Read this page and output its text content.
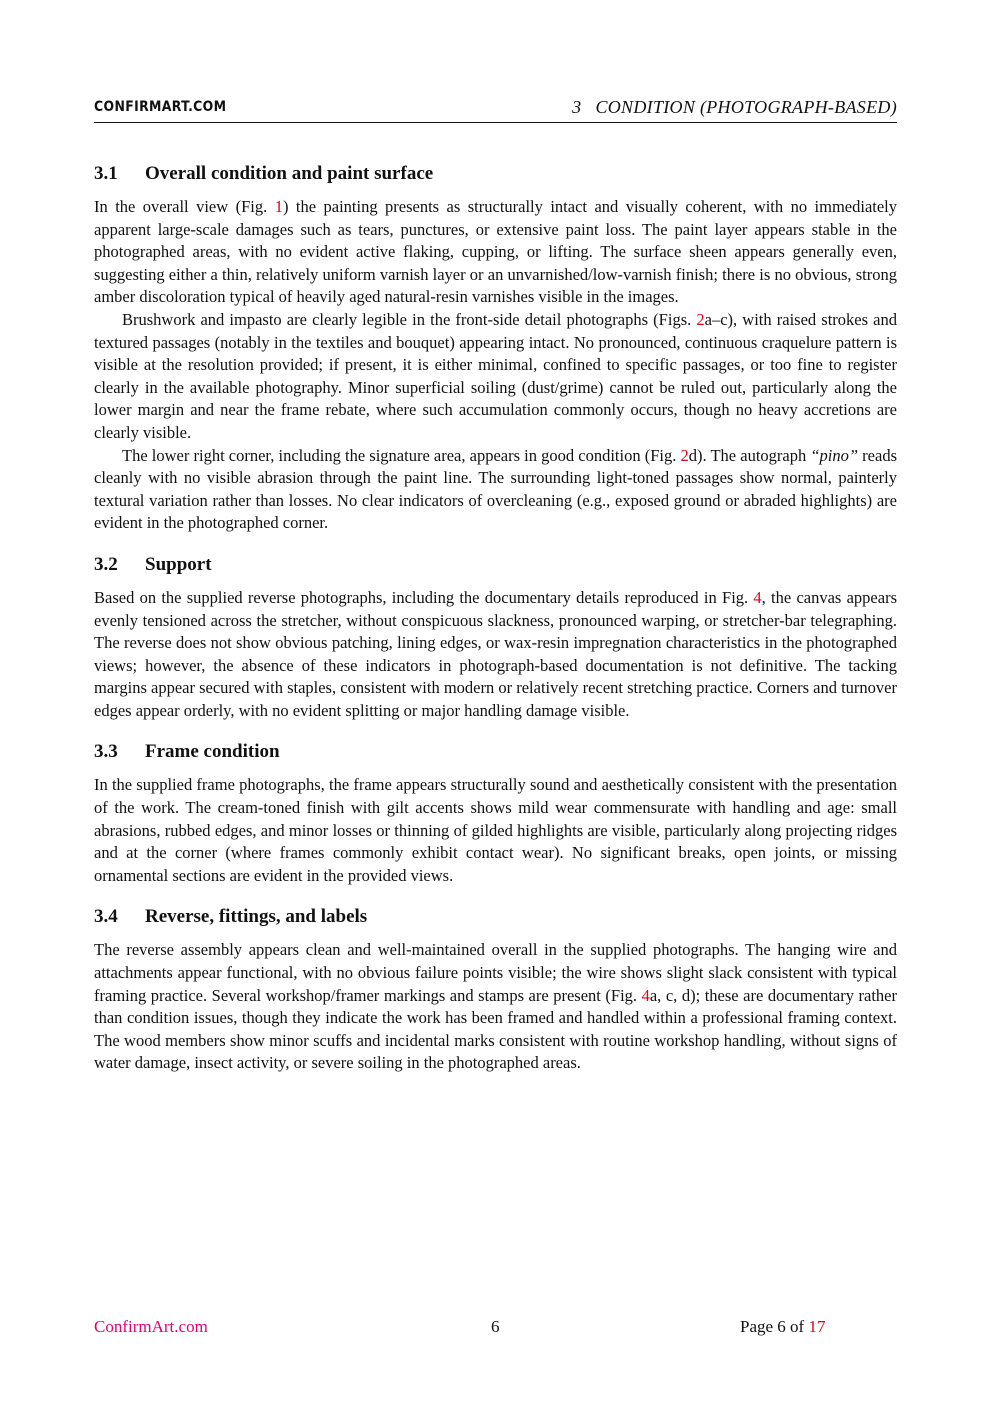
CONFIRMART.COM	3 CONDITION (PHOTOGRAPH-BASED)
3.1 Overall condition and paint surface

In the overall view (Fig. 1) the painting presents as structurally intact and visually coherent, with no immediately apparent large-scale damages such as tears, punctures, or extensive paint loss. The paint layer appears stable in the photographed areas, with no evident active flaking, cupping, or lifting. The surface sheen appears generally even, suggesting either a thin, relatively uniform varnish layer or an unvarnished/low-varnish finish; there is no obvious, strong amber discoloration typical of heavily aged natural-resin varnishes visible in the images.

Brushwork and impasto are clearly legible in the front-side detail photographs (Figs. 2a–c), with raised strokes and textured passages (notably in the textiles and bouquet) appearing intact. No pronounced, continuous craquelure pattern is visible at the resolution provided; if present, it is either minimal, confined to specific passages, or too fine to register clearly in the available photography. Minor superficial soiling (dust/grime) cannot be ruled out, particularly along the lower margin and near the frame rebate, where such accumulation commonly occurs, though no heavy accretions are clearly visible.

The lower right corner, including the signature area, appears in good condition (Fig. 2d). The autograph “pino” reads cleanly with no visible abrasion through the paint line. The surrounding light-toned passages show normal, painterly textural variation rather than losses. No clear indicators of overcleaning (e.g., exposed ground or abraded highlights) are evident in the photographed corner.

3.2 Support

Based on the supplied reverse photographs, including the documentary details reproduced in Fig. 4, the canvas appears evenly tensioned across the stretcher, without conspicuous slackness, pronounced warping, or stretcher-bar telegraphing. The reverse does not show obvious patching, lining edges, or wax-resin impregnation characteristics in the photographed views; however, the absence of these indicators in photograph-based documentation is not definitive. The tacking margins appear secured with staples, consistent with modern or relatively recent stretching practice. Corners and turnover edges appear orderly, with no evident splitting or major handling damage visible.

3.3 Frame condition

In the supplied frame photographs, the frame appears structurally sound and aesthetically consistent with the presentation of the work. The cream-toned finish with gilt accents shows mild wear commensurate with handling and age: small abrasions, rubbed edges, and minor losses or thinning of gilded highlights are visible, particularly along projecting ridges and at the corner (where frames commonly exhibit contact wear). No significant breaks, open joints, or missing ornamental sections are evident in the provided views.

3.4 Reverse, fittings, and labels

The reverse assembly appears clean and well-maintained overall in the supplied photographs. The hanging wire and attachments appear functional, with no obvious failure points visible; the wire shows slight slack consistent with typical framing practice. Several workshop/framer markings and stamps are present (Fig. 4a, c, d); these are documentary rather than condition issues, though they indicate the work has been framed and handled within a professional framing context. The wood members show minor scuffs and incidental marks consistent with routine workshop handling, without signs of water damage, insect activity, or severe soiling in the photographed areas.

ConfirmArt.com	6	Page 6 of 17
